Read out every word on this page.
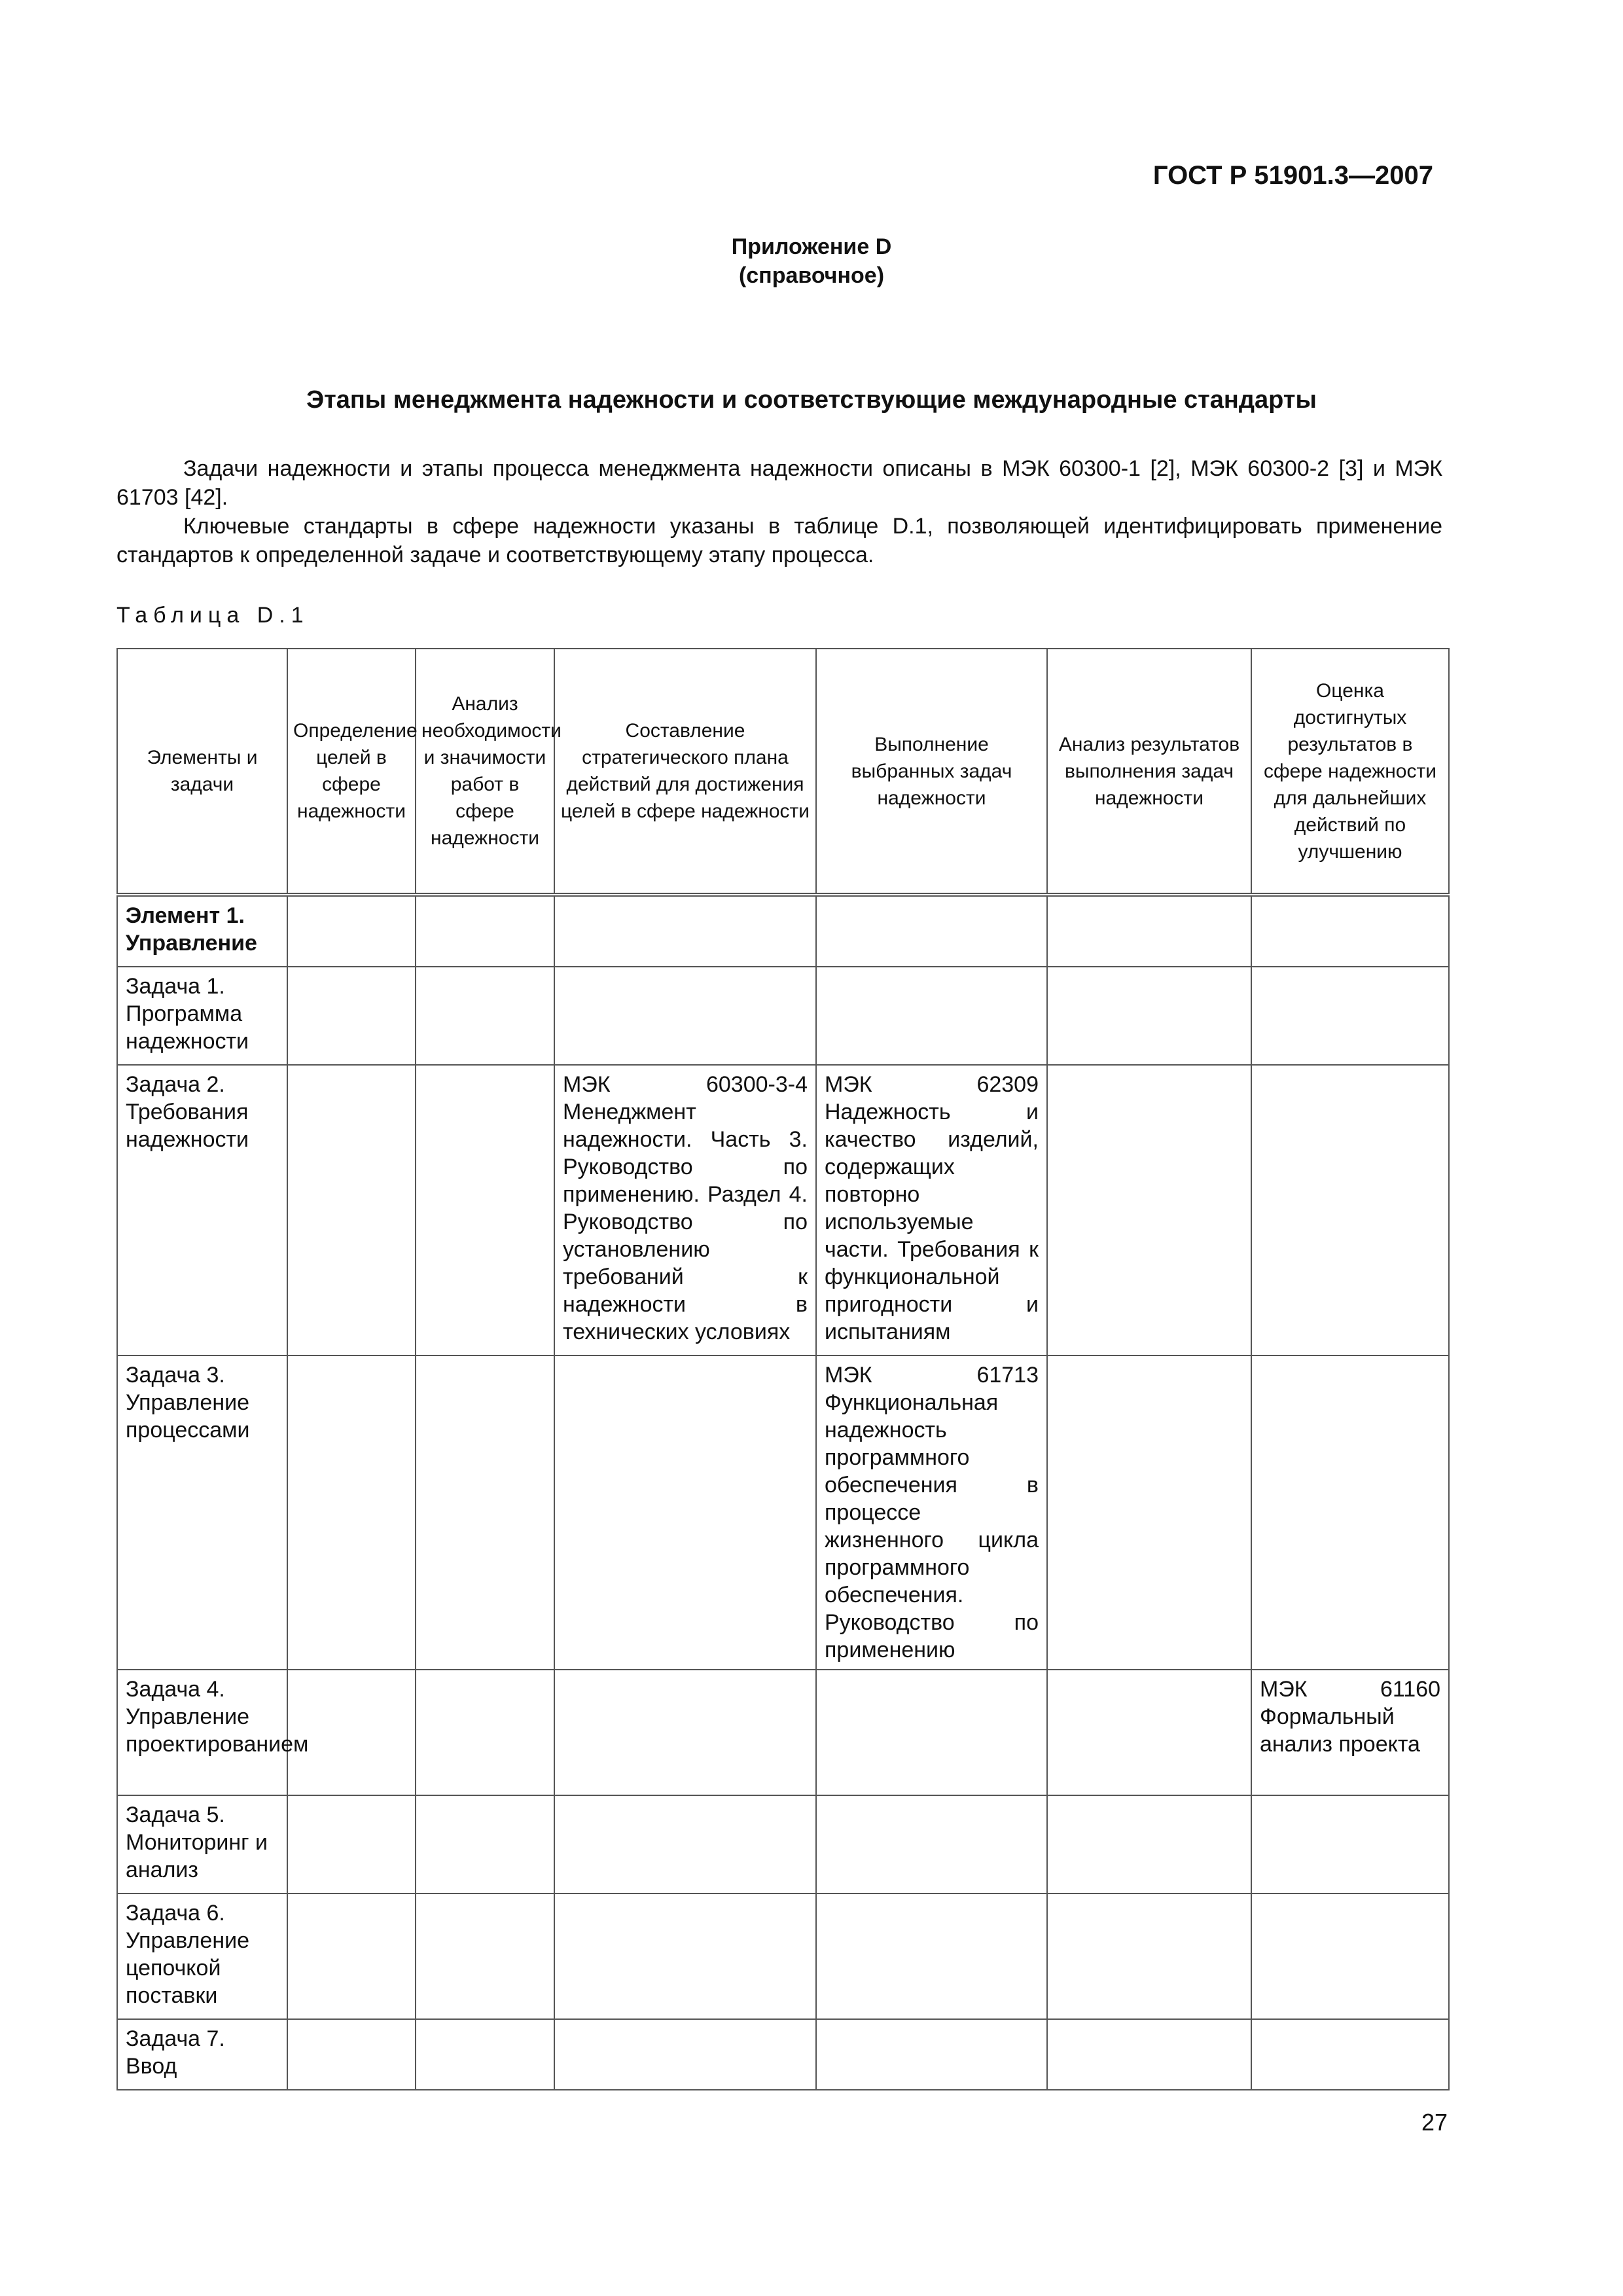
ГОСТ Р 51901.3—2007
Приложение D
(справочное)
Этапы менеджмента надежности и соответствующие международные стандарты

Задачи надежности и этапы процесса менеджмента надежности описаны в МЭК 60300-1 [2], МЭК 60300-2 [3] и МЭК 61703 [42].

Ключевые стандарты в сфере надежности указаны в таблице D.1, позволяющей идентифицировать применение стандартов к определенной задаче и соответствующему этапу процесса.

Таблица D.1
Элементы и задачи	Определение целей в сфере надежности	Анализ необходимости и значимости работ в сфере надежности	Составление стратегического плана действий для достижения целей в сфере надежности	Выполнение выбранных задач надежности	Анализ результатов выполнения задач надежности	Оценка достигнутых результатов в сфере надежности для дальнейших действий по улучшению
Элемент 1. Управление						
Задача 1. Программа надежности						
Задача 2. Требования надежности			МЭК 60300-3-4 Менеджмент надежности. Часть 3. Руководство по применению. Раздел 4. Руководство по установлению требований к надежности в технических условиях	МЭК 62309 Надежность и качество изделий, содержащих повторно используемые части. Требования к функциональной пригодности и испытаниям		
Задача 3. Управление процессами				МЭК 61713 Функциональная надежность программного обеспечения в процессе жизненного цикла программного обеспечения. Руководство по применению		
Задача 4. Управление проектированием						МЭК 61160 Формальный анализ проекта
Задача 5. Мониторинг и анализ						
Задача 6. Управление цепочкой поставки						
Задача 7. Ввод						
27
